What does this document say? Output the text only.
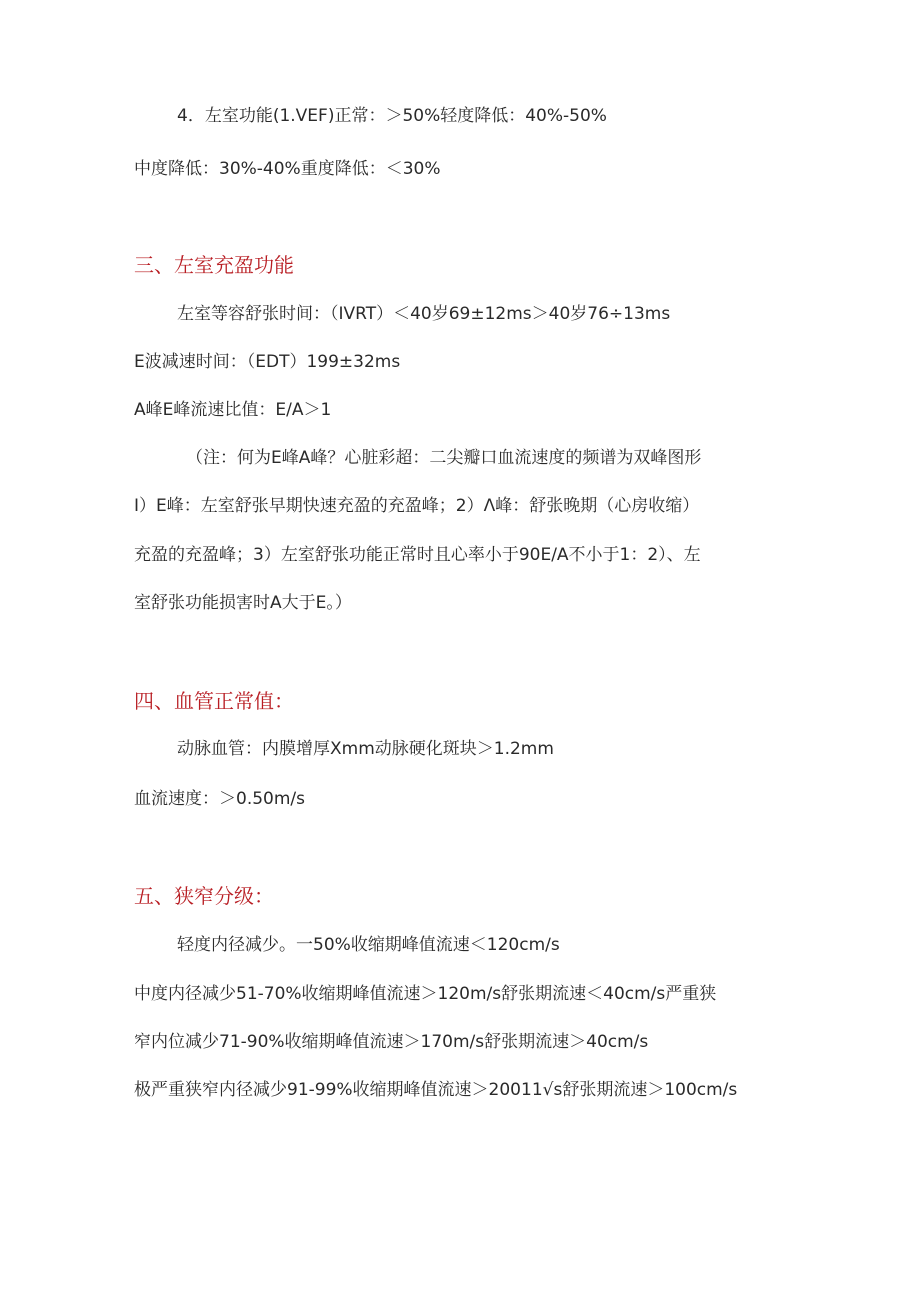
4．左室功能(1.VEF)正常：＞50%轻度降低：40%-50%
中度降低：30%-40%重度降低：＜30%
三、左室充盈功能
左室等容舒张时间：（IVRT）＜40岁69±12ms＞40岁76÷13ms
E波减速时间：（EDT）199±32ms
A峰E峰流速比值：E/A＞1
（注：何为E峰A峰？心脏彩超：二尖瓣口血流速度的频谱为双峰图形
I）E峰：左室舒张早期快速充盈的充盈峰；2）Λ峰：舒张晚期（心房收缩）
充盈的充盈峰；3）左室舒张功能正常时且心率小于90E/A不小于1：2）、左
室舒张功能损害时A大于E。）
四、血管正常值：
动脉血管：内膜增厚Xmm动脉硬化斑块＞1.2mm
血流速度：＞0.50m∕s
五、狭窄分级：
轻度内径减少。一50%收缩期峰值流速＜120cm∕s
中度内径减少51-70%收缩期峰值流速＞120m∕s舒张期流速＜40cm/s严重狭
窄内位减少71-90%收缩期峰值流速＞170m∕s舒张期流速＞40cm/s
极严重狭窄内径减少91-99%收缩期峰值流速＞20011√s舒张期流速＞100cm/s
